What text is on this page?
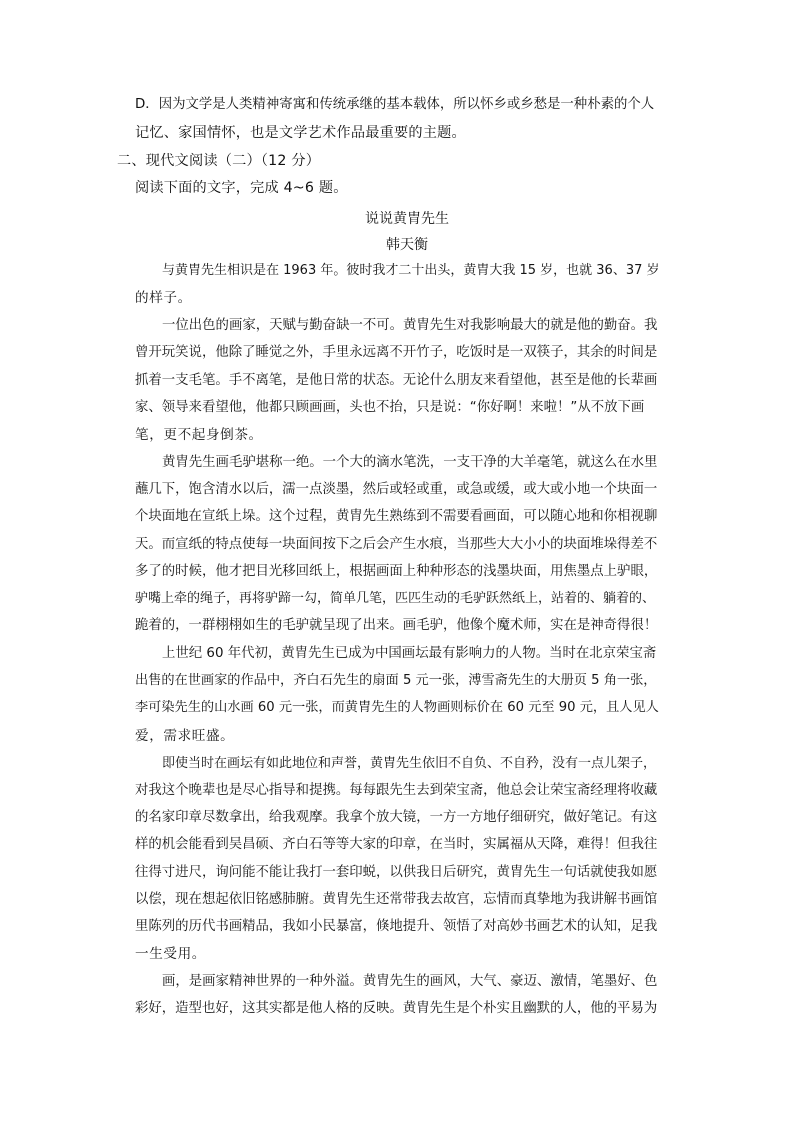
D．因为文学是人类精神寄寓和传统承继的基本载体，所以怀乡或乡愁是一种朴素的个人
记忆、家国情怀，也是文学艺术作品最重要的主题。
二、现代文阅读（二）（12 分）
阅读下面的文字，完成 4~6 题。
说说黄胄先生
韩天衡
与黄胄先生相识是在 1963 年。彼时我才二十出头，黄胄大我 15 岁，也就 36、37 岁
的样子。
一位出色的画家，天赋与勤奋缺一不可。黄胄先生对我影响最大的就是他的勤奋。我
曾开玩笑说，他除了睡觉之外，手里永远离不开竹子，吃饭时是一双筷子，其余的时间是
抓着一支毛笔。手不离笔，是他日常的状态。无论什么朋友来看望他，甚至是他的长辈画
家、领导来看望他，他都只顾画画，头也不抬，只是说：“你好啊！来啦！”从不放下画
笔，更不起身倒茶。
黄胄先生画毛驴堪称一绝。一个大的滴水笔洗，一支干净的大羊毫笔，就这么在水里
蘸几下，饱含清水以后，濡一点淡墨，然后或轻或重，或急或缓，或大或小地一个块面一
个块面地在宣纸上垛。这个过程，黄胄先生熟练到不需要看画面，可以随心地和你相视聊
天。而宣纸的特点使每一块面间按下之后会产生水痕，当那些大大小小的块面堆垛得差不
多了的时候，他才把目光移回纸上，根据画面上种种形态的浅墨块面，用焦墨点上驴眼，
驴嘴上牵的绳子，再将驴蹄一勾，简单几笔，匹匹生动的毛驴跃然纸上，站着的、躺着的、
跪着的，一群栩栩如生的毛驴就呈现了出来。画毛驴，他像个魔术师，实在是神奇得很！
上世纪 60 年代初，黄胄先生已成为中国画坛最有影响力的人物。当时在北京荣宝斋
出售的在世画家的作品中，齐白石先生的扇面 5 元一张，溥雪斋先生的大册页 5 角一张，
李可染先生的山水画 60 元一张，而黄胄先生的人物画则标价在 60 元至 90 元，且人见人
爱，需求旺盛。
即使当时在画坛有如此地位和声誉，黄胄先生依旧不自负、不自矜，没有一点儿架子，
对我这个晚辈也是尽心指导和提携。每每跟先生去到荣宝斋，他总会让荣宝斋经理将收藏
的名家印章尽数拿出，给我观摩。我拿个放大镜，一方一方地仔细研究，做好笔记。有这
样的机会能看到吴昌硕、齐白石等等大家的印章，在当时，实属福从天降，难得！但我往
往得寸进尺，询问能不能让我打一套印蜕，以供我日后研究，黄胄先生一句话就使我如愿
以偿，现在想起依旧铭感肺腑。黄胄先生还常带我去故宫，忘情而真挚地为我讲解书画馆
里陈列的历代书画精品，我如小民暴富，倏地提升、领悟了对高妙书画艺术的认知，足我
一生受用。
画，是画家精神世界的一种外溢。黄胄先生的画风，大气、豪迈、激情，笔墨好、色
彩好，造型也好，这其实都是他人格的反映。黄胄先生是个朴实且幽默的人，他的平易为
